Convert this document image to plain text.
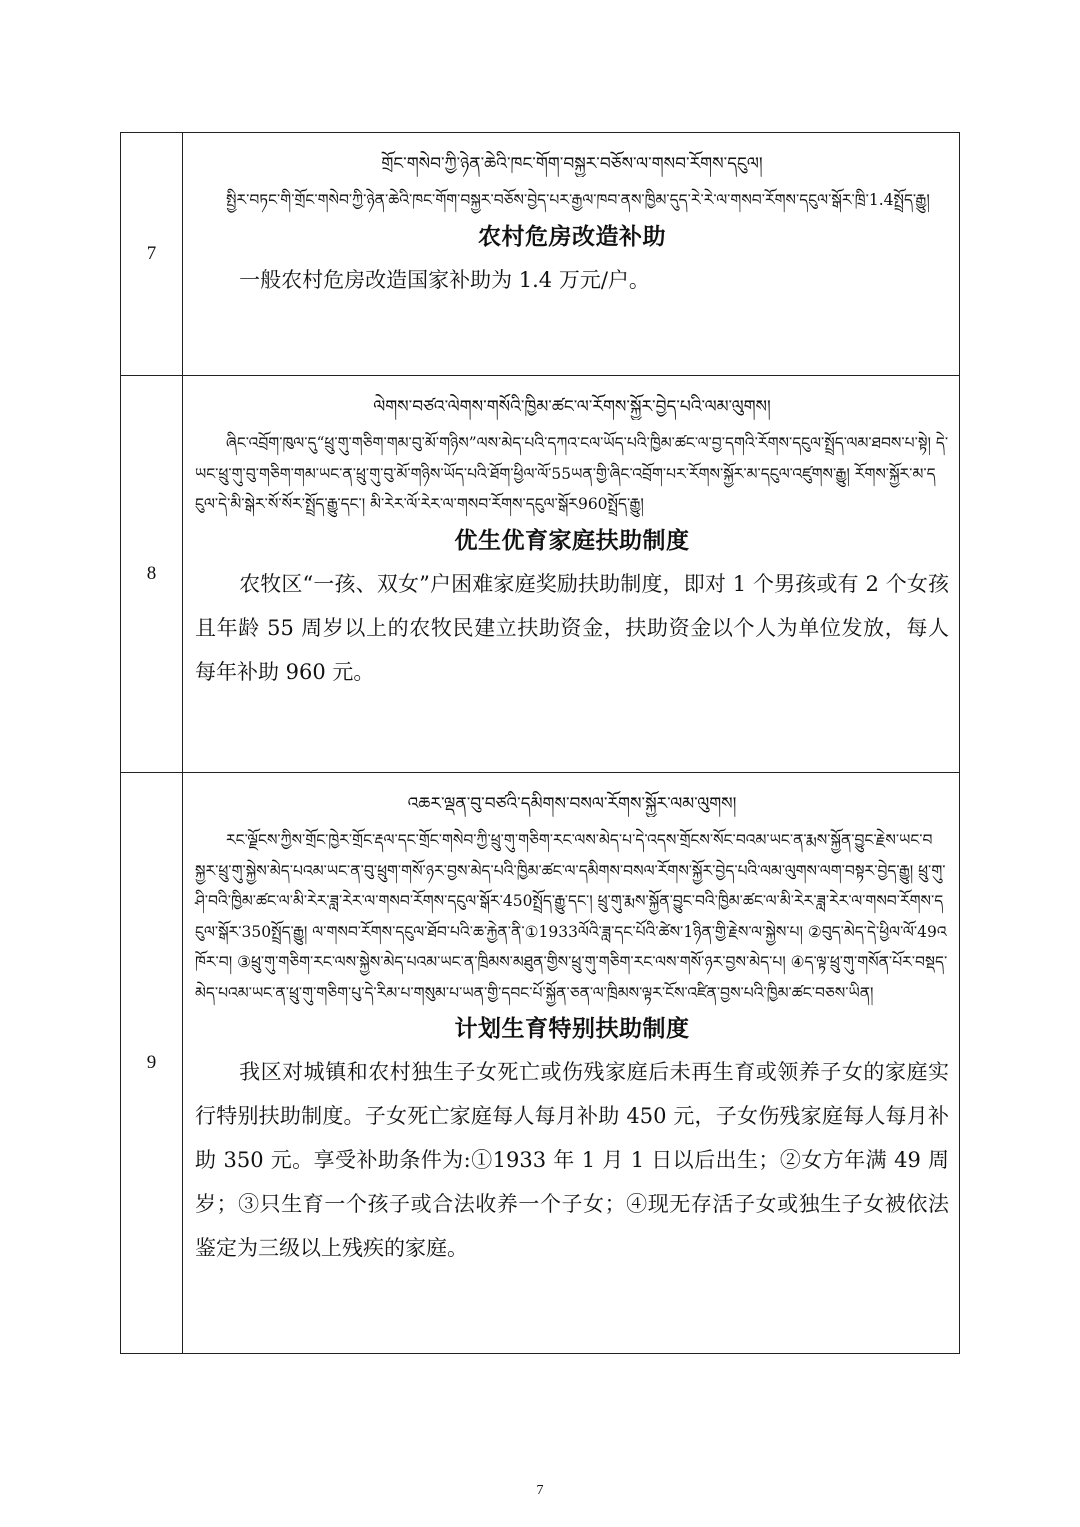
7	གྲོང་གསེབ་ཀྱི་ཉེན་ཆེའི་ཁང་གོག་བསྐྱར་བཅོས་ལ་གསབ་རོགས་དངུལ།
སྤྱིར་བཏང་གི་གྲོང་གསེབ་ཀྱི་ཉེན་ཆེའི་ཁང་གོག་བསྐྱར་བཅོས་བྱེད་པར་རྒྱལ་ཁབ་ནས་ཁྱིམ་དུད་རེ་རེ་ལ་གསབ་རོགས་དངུལ་སྒོར་ཁྲི་1.4སྤྲོད་རྒྱུ།
农村危房改造补助
一般农村危房改造国家补助为 1.4 万元/户。

8	ལེགས་བཙའ་ལེགས་གསོའི་ཁྱིམ་ཚང་ལ་རོགས་སྐྱོར་བྱེད་པའི་ལམ་ལུགས།
ཞིང་འབྲོག་ཁུལ་དུ“ཕྲུ་གུ་གཅིག་གམ་བུ་མོ་གཉིས”ལས་མེད་པའི་དཀའ་ངལ་ཡོད་པའི་ཁྱིམ་ཚང་ལ་བྱ་དགའི་རོགས་དངུལ་སྤྲོད་ལམ་ཐབས་པ་སྟེ། དེ་ཡང་ཕྲུ་གུ་བུ་གཅིག་གམ་ཡང་ན་ཕྲུ་གུ་བུ་མོ་གཉིས་ཡོད་པའི་ཐོག་ཕྱིལ་ལོ་55ཡན་གྱི་ཞིང་འབྲོག་པར་རོགས་སྐྱོར་མ་དངུལ་འཛུགས་རྒྱུ། རོགས་སྐྱོར་མ་དངུལ་དེ་མི་སྒེར་སོ་སོར་སྤྲོད་རྒྱུ་དང་། མི་རེར་ལོ་རེར་ལ་གསབ་རོགས་དངུལ་སྒོར960སྤྲོད་རྒྱུ།
优生优育家庭扶助制度
农牧区“一孩、双女”户困难家庭奖励扶助制度，即对 1 个男孩或有 2 个女孩且年龄 55 周岁以上的农牧民建立扶助资金，扶助资金以个人为单位发放，每人每年补助 960 元。

9	འཆར་ལྡན་བུ་བཙའི་དམིགས་བསལ་རོགས་སྐྱོར་ལམ་ལུགས།
རང་ལྗོངས་ཀྱིས་གྲོང་ཁྱེར་གྲོང་རྡལ་དང་གྲོང་གསེབ་ཀྱི་ཕྲུ་གུ་གཅིག་རང་ལས་མེད་པ་དེ་འདས་གྲོངས་སོང་བའམ་ཡང་ན་རྨས་སྐྱོན་བྱུང་རྗེས་ཡང་བསྐྱར་ཕྲུ་གུ་སྐྱེས་མེད་པའམ་ཡང་ན་བུ་ཕྲུག་གསོ་ཉར་བྱས་མེད་པའི་ཁྱིམ་ཚང་ལ་དམིགས་བསལ་རོགས་སྐྱོར་བྱེད་པའི་ལམ་ལུགས་ལག་བསྟར་བྱེད་རྒྱུ། ཕྲུ་གུ་ཤི་བའི་ཁྱིམ་ཚང་ལ་མི་རེར་ཟླ་རེར་ལ་གསབ་རོགས་དངུལ་སྒོར་450སྤྲོད་རྒྱུ་དང་། ཕྲུ་གུ་རྨས་སྐྱོན་བྱུང་བའི་ཁྱིམ་ཚང་ལ་མི་རེར་ཟླ་རེར་ལ་གསབ་རོགས་དངུལ་སྒོར་350སྤྲོད་རྒྱུ། ལ་གསབ་རོགས་དངུལ་ཐོབ་པའི་ཆ་རྐྱེན་ནི་①1933ལོའི་ཟླ་དང་པོའི་ཚེས་1ཉིན་གྱི་རྗེས་ལ་སྐྱེས་པ། ②བུད་མེད་དེ་ཕྱིལ་ལོ་49འཁོར་བ། ③ཕྲུ་གུ་གཅིག་རང་ལས་སྐྱེས་མེད་པའམ་ཡང་ན་ཁྲིམས་མཐུན་གྱིས་ཕྲུ་གུ་གཅིག་རང་ལས་གསོ་ཉར་བྱས་མེད་པ། ④ད་ལྟ་ཕྲུ་གུ་གསོན་པོར་བསྡད་མེད་པའམ་ཡང་ན་ཕྲུ་གུ་གཅིག་པུ་དེ་རིམ་པ་གསུམ་པ་ཡན་གྱི་དབང་པོ་སྐྱོན་ཅན་ལ་ཁྲིམས་ལྟར་ངོས་འཛིན་བྱས་པའི་ཁྱིམ་ཚང་བཅས་ཡིན།
计划生育特别扶助制度
我区对城镇和农村独生子女死亡或伤残家庭后未再生育或领养子女的家庭实行特别扶助制度。子女死亡家庭每人每月补助 450 元，子女伤残家庭每人每月补助 350 元。享受补助条件为:①1933 年 1 月 1 日以后出生；②女方年满 49 周岁；③只生育一个孩子或合法收养一个子女；④现无存活子女或独生子女被依法鉴定为三级以上残疾的家庭。
7
